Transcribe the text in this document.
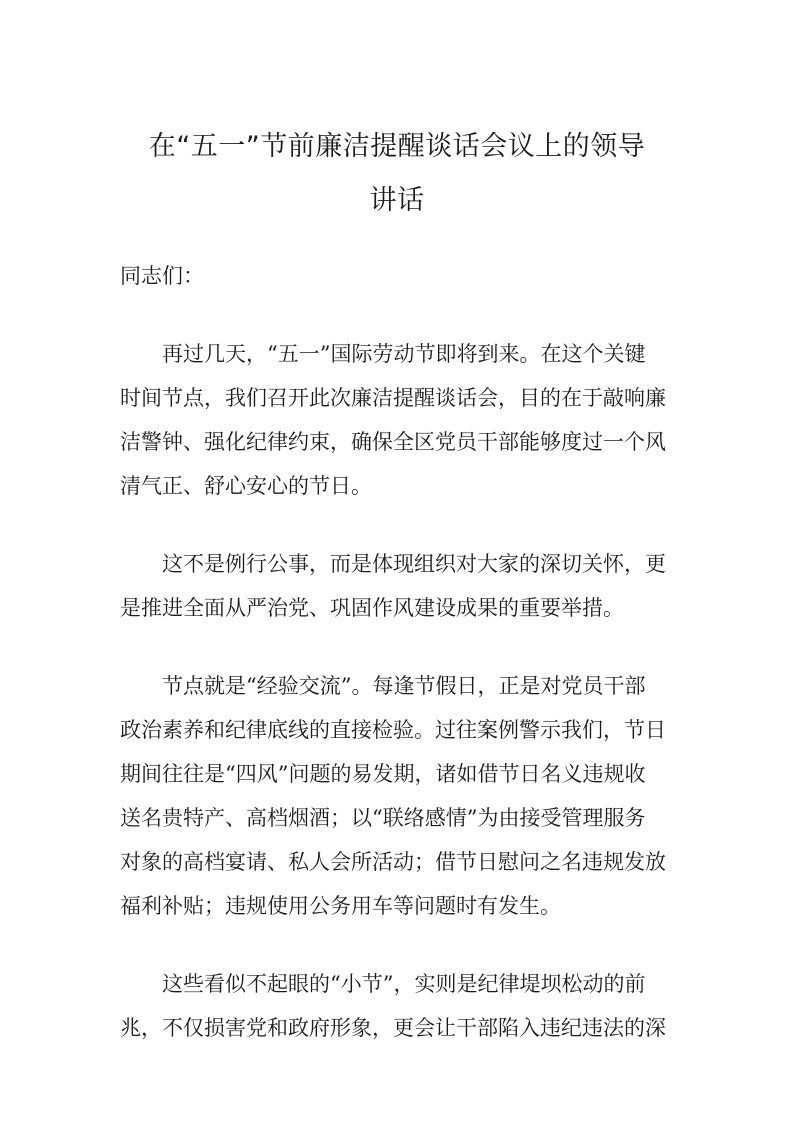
在“五一”节前廉洁提醒谈话会议上的领导
讲话

同志们：

再过几天，“五一”国际劳动节即将到来。在这个关键
时间节点，我们召开此次廉洁提醒谈话会，目的在于敲响廉
洁警钟、强化纪律约束，确保全区党员干部能够度过一个风
清气正、舒心安心的节日。

这不是例行公事，而是体现组织对大家的深切关怀，更
是推进全面从严治党、巩固作风建设成果的重要举措。

节点就是“经验交流”。每逢节假日，正是对党员干部
政治素养和纪律底线的直接检验。过往案例警示我们，节日
期间往往是“四风”问题的易发期，诸如借节日名义违规收
送名贵特产、高档烟酒；以“联络感情”为由接受管理服务
对象的高档宴请、私人会所活动；借节日慰问之名违规发放
福利补贴；违规使用公务用车等问题时有发生。

这些看似不起眼的“小节”，实则是纪律堤坝松动的前
兆，不仅损害党和政府形象，更会让干部陷入违纪违法的深
